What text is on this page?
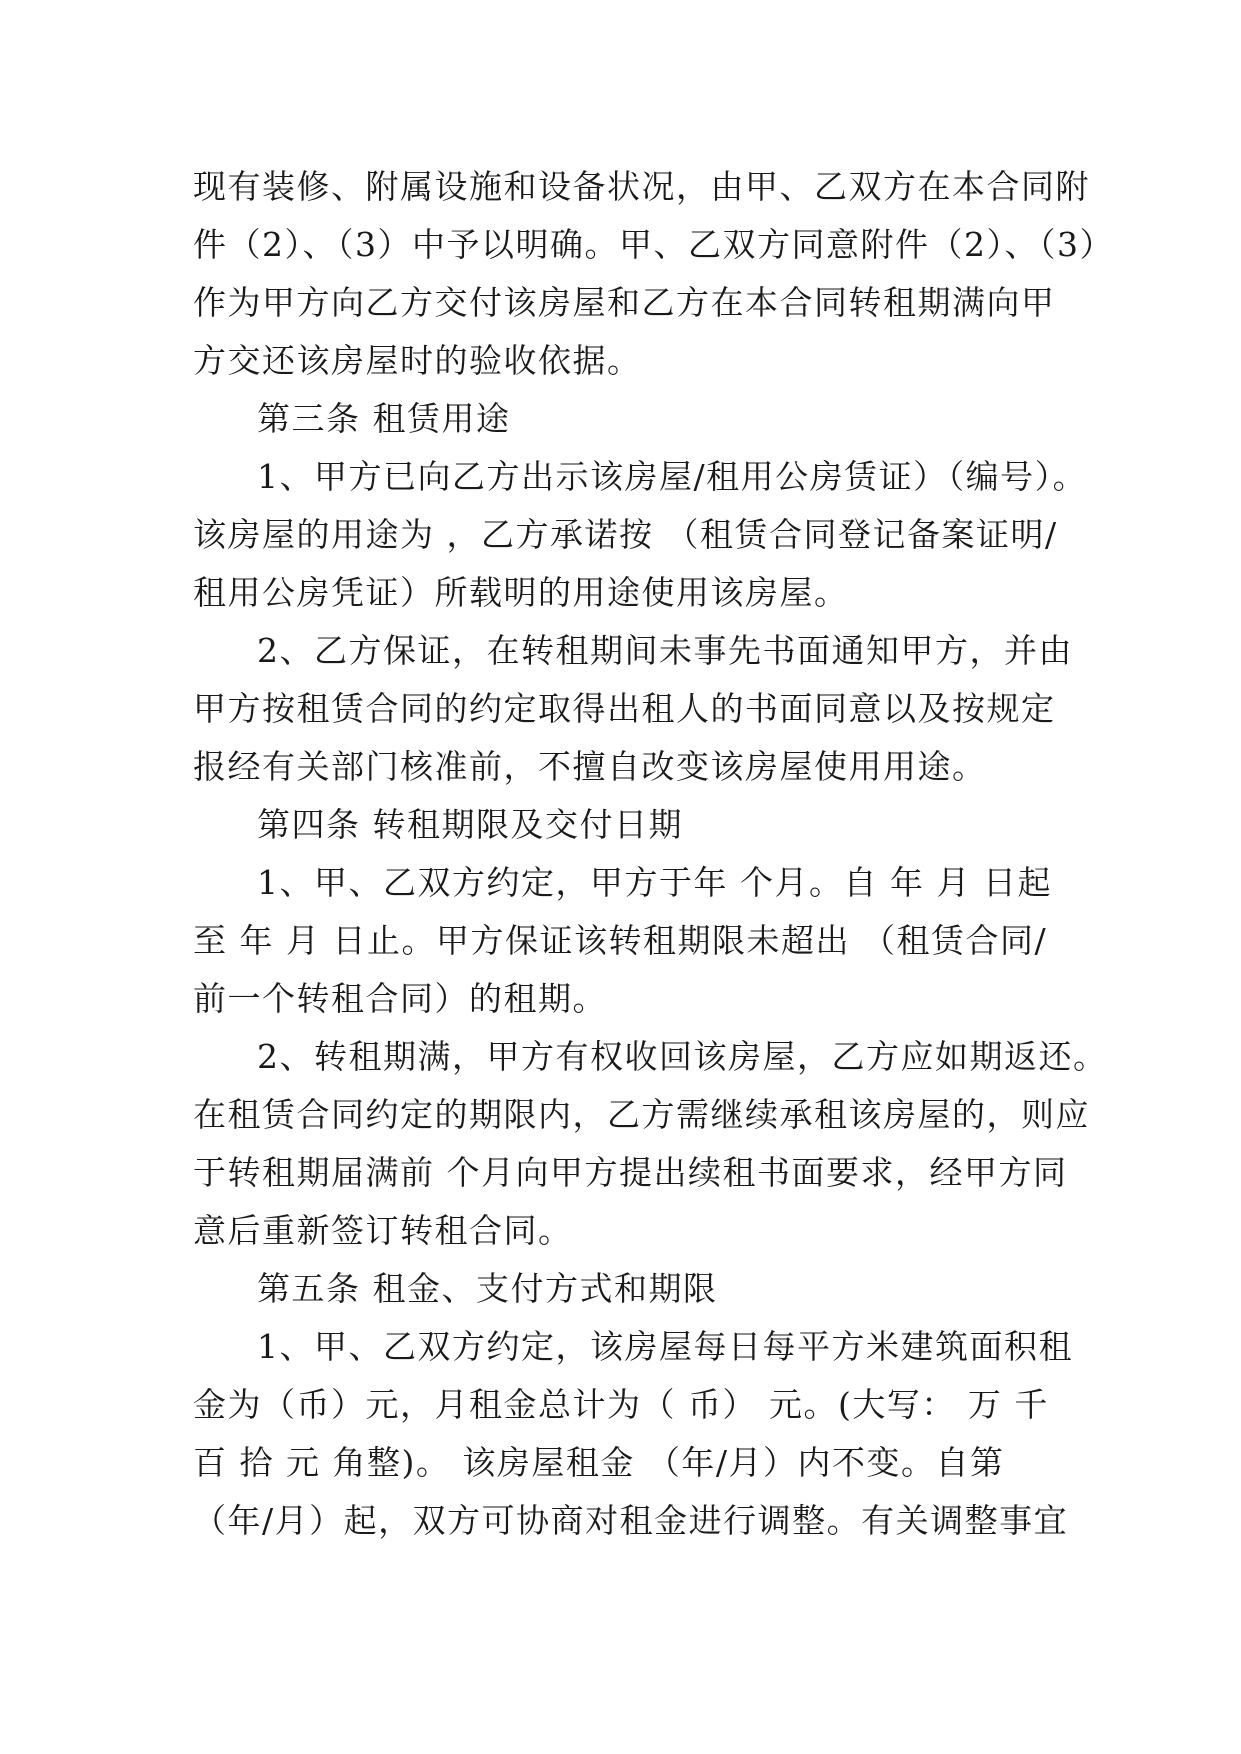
现有装修、附属设施和设备状况，由甲、乙双方在本合同附
件（2）、（3）中予以明确。甲、乙双方同意附件（2）、（3）
作为甲方向乙方交付该房屋和乙方在本合同转租期满向甲
方交还该房屋时的验收依据。
第三条 租赁用途
1、甲方已向乙方出示该房屋/租用公房赁证）（编号）。
该房屋的用途为 ，乙方承诺按 （租赁合同登记备案证明/
租用公房凭证）所载明的用途使用该房屋。
2、乙方保证，在转租期间未事先书面通知甲方，并由
甲方按租赁合同的约定取得出租人的书面同意以及按规定
报经有关部门核准前，不擅自改变该房屋使用用途。
第四条 转租期限及交付日期
1、甲、乙双方约定，甲方于年 个月。自 年 月 日起
至 年 月 日止。甲方保证该转租期限未超出 （租赁合同/
前一个转租合同）的租期。
2、转租期满，甲方有权收回该房屋，乙方应如期返还。
在租赁合同约定的期限内，乙方需继续承租该房屋的，则应
于转租期届满前 个月向甲方提出续租书面要求，经甲方同
意后重新签订转租合同。
第五条 租金、支付方式和期限
1、甲、乙双方约定，该房屋每日每平方米建筑面积租
金为（币）元，月租金总计为（ 币） 元。(大写： 万 千
百 拾 元 角整)。 该房屋租金 （年/月）内不变。自第
（年/月）起，双方可协商对租金进行调整。有关调整事宜
